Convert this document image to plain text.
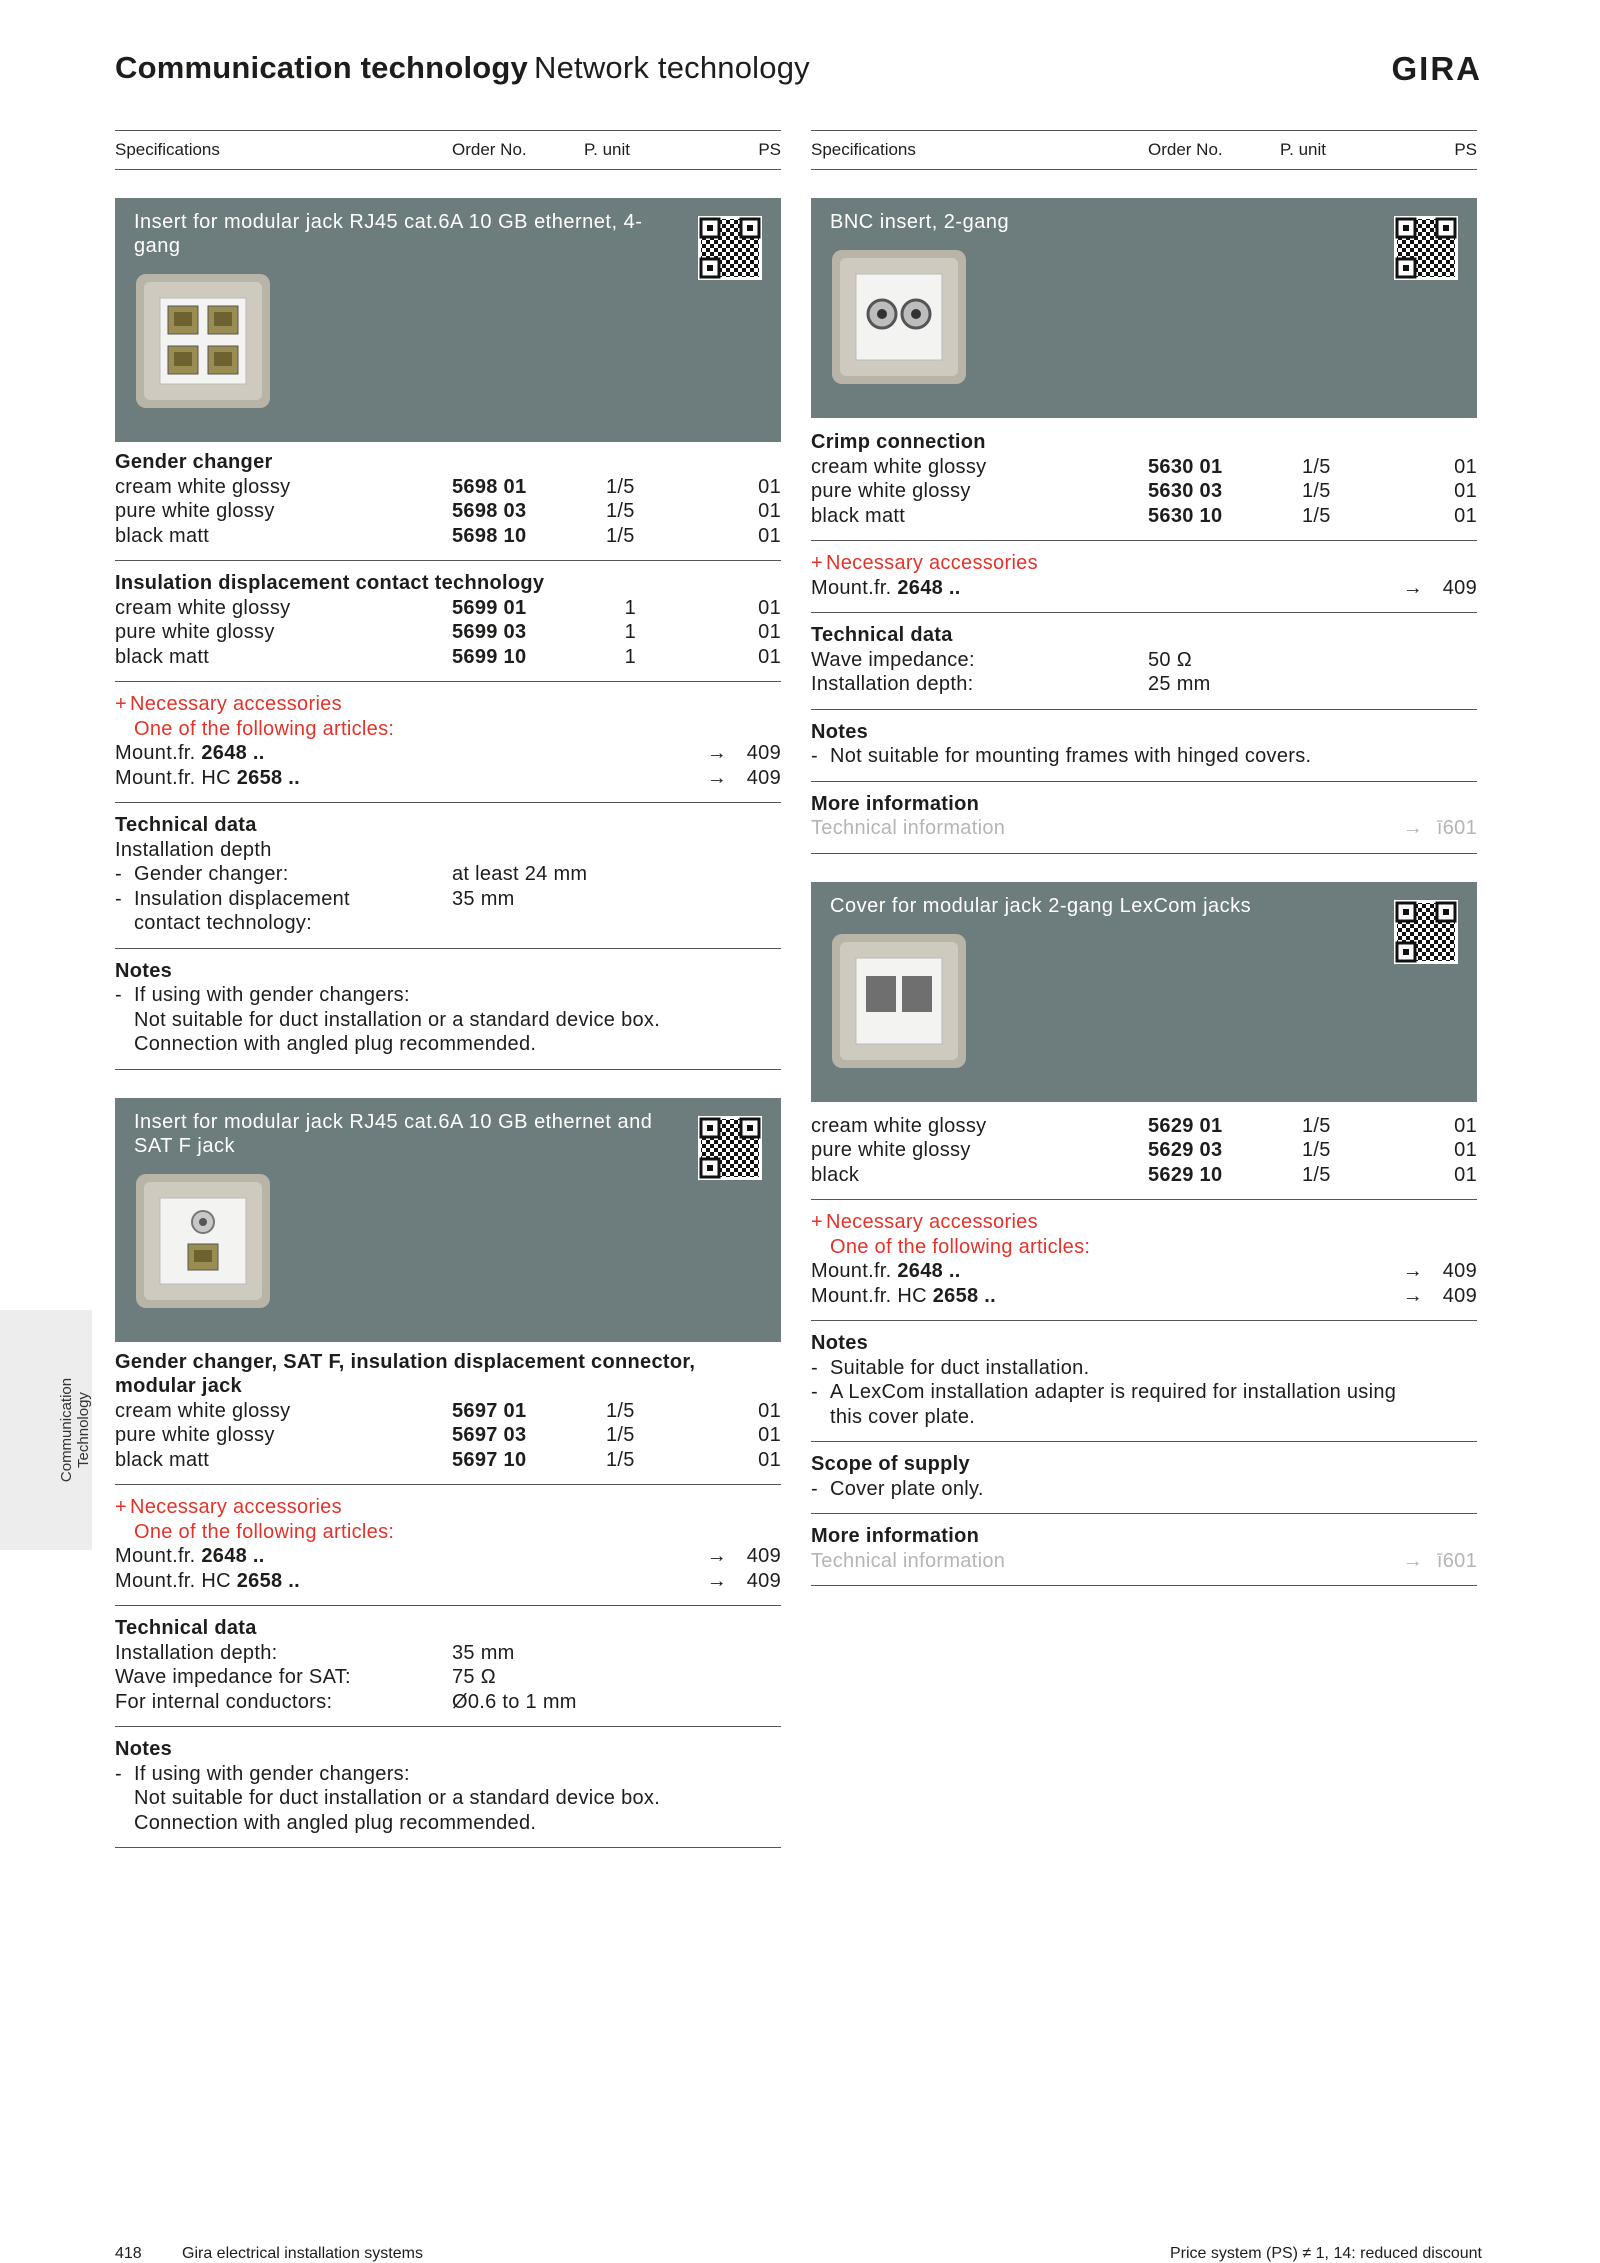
Communication technology Network technology	GIRA
Specifications	Order No.	P. unit	PS
Insert for modular jack RJ45 cat.6A 10 GB ethernet, 4-gang
Gender changer
cream white glossy	5698 01	1/5	01
pure white glossy	5698 03	1/5	01
black matt	5698 10	1/5	01
Insulation displacement contact technology
cream white glossy	5699 01	1	01
pure white glossy	5699 03	1	01
black matt	5699 10	1	01
+ Necessary accessories
One of the following articles:
Mount.fr. 2648 ..	→ 409
Mount.fr. HC 2658 ..	→ 409
Technical data
Installation depth
- Gender changer:	at least 24 mm
- Insulation displacement	35 mm
contact technology:
Notes
- If using with gender changers:
Not suitable for duct installation or a standard device box.
Connection with angled plug recommended.
Insert for modular jack RJ45 cat.6A 10 GB ethernet and SAT F jack
Gender changer, SAT F, insulation displacement connector, modular jack
cream white glossy	5697 01	1/5	01
pure white glossy	5697 03	1/5	01
black matt	5697 10	1/5	01
+ Necessary accessories
One of the following articles:
Mount.fr. 2648 ..	→ 409
Mount.fr. HC 2658 ..	→ 409
Technical data
Installation depth:	35 mm
Wave impedance for SAT:	75 Ω
For internal conductors:	Ø0.6 to 1 mm
Notes
- If using with gender changers:
Not suitable for duct installation or a standard device box.
Connection with angled plug recommended.
Specifications	Order No.	P. unit	PS
BNC insert, 2-gang
Crimp connection
cream white glossy	5630 01	1/5	01
pure white glossy	5630 03	1/5	01
black matt	5630 10	1/5	01
+ Necessary accessories
Mount.fr. 2648 ..	→ 409
Technical data
Wave impedance:	50 Ω
Installation depth:	25 mm
Notes
- Not suitable for mounting frames with hinged covers.
More information
Technical information	→ ī601
Cover for modular jack 2-gang LexCom jacks
cream white glossy	5629 01	1/5	01
pure white glossy	5629 03	1/5	01
black	5629 10	1/5	01
+ Necessary accessories
One of the following articles:
Mount.fr. 2648 ..	→ 409
Mount.fr. HC 2658 ..	→ 409
Notes
- Suitable for duct installation.
- A LexCom installation adapter is required for installation using
this cover plate.
Scope of supply
- Cover plate only.
More information
Technical information	→ ī601
Communication Technology
418	Gira electrical installation systems	Price system (PS) ≠ 1, 14: reduced discount
